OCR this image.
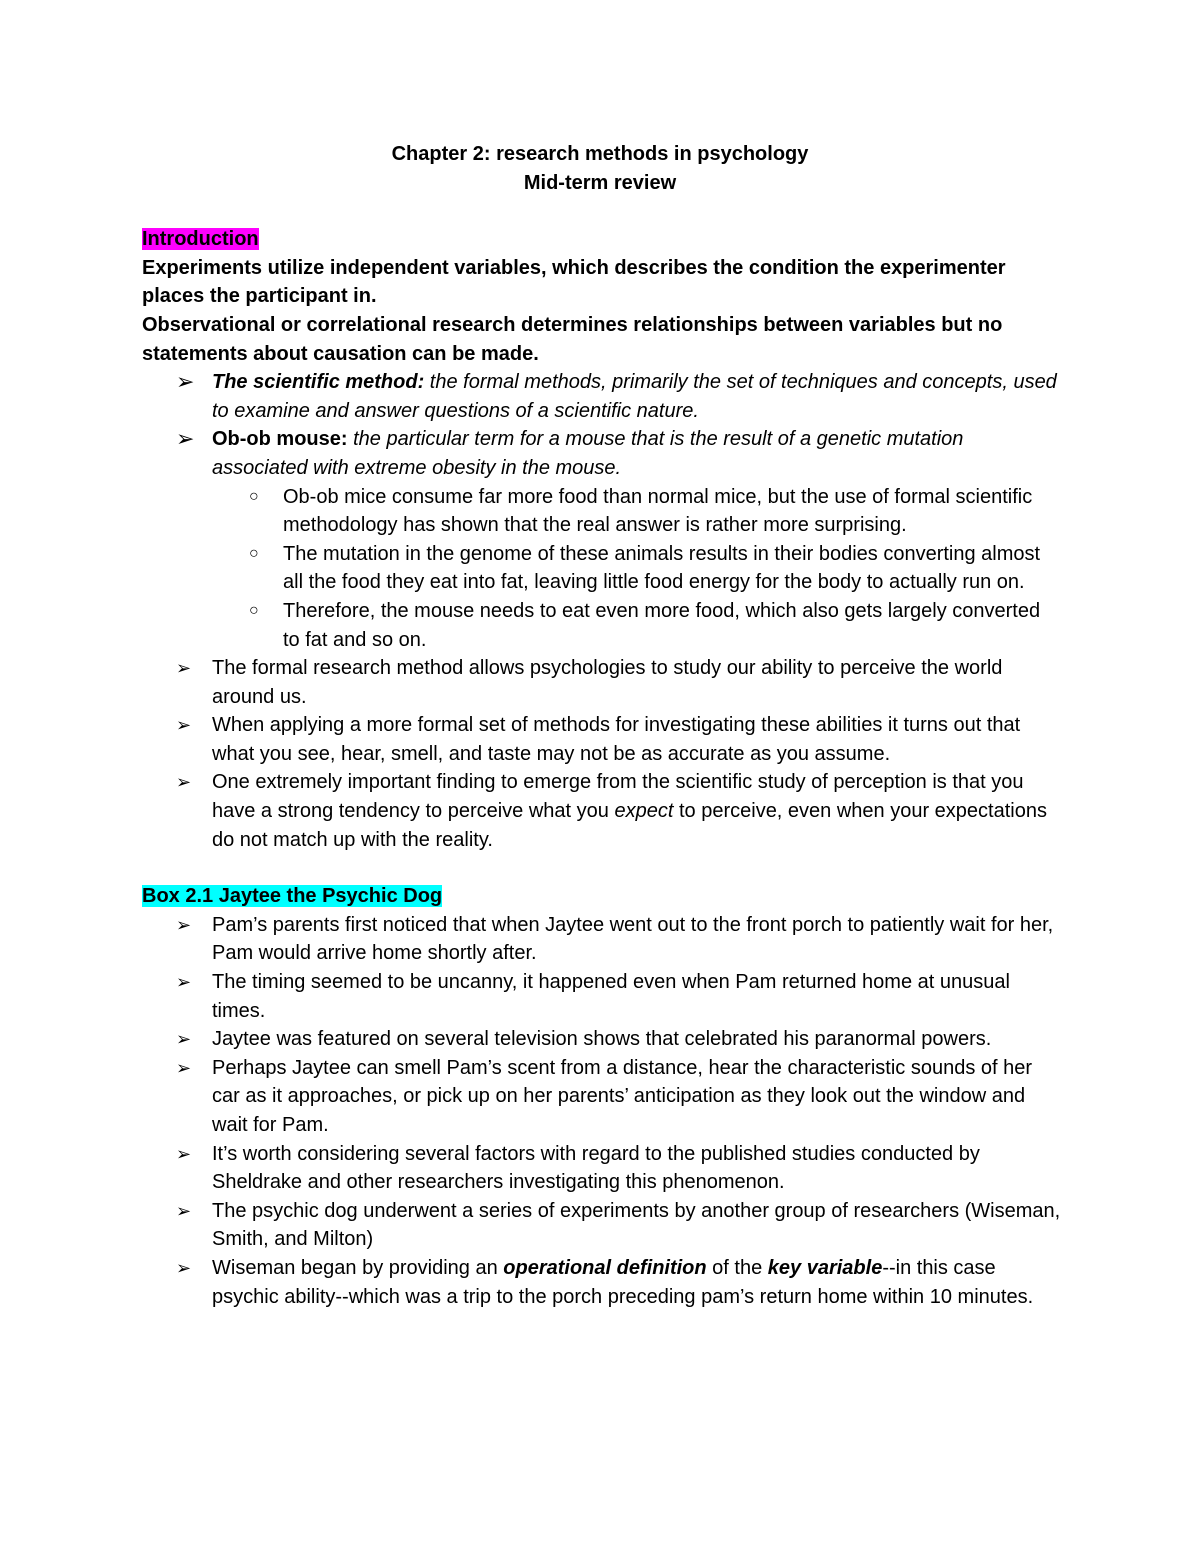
Chapter 2: research methods in psychology
Mid-term review
Introduction
Experiments utilize independent variables, which describes the condition the experimenter places the participant in.
Observational or correlational research determines relationships between variables but no statements about causation can be made.
➢ The scientific method: the formal methods, primarily the set of techniques and concepts, used to examine and answer questions of a scientific nature.
➢ Ob-ob mouse: the particular term for a mouse that is the result of a genetic mutation associated with extreme obesity in the mouse.
○	Ob-ob mice consume far more food than normal mice, but the use of formal scientific methodology has shown that the real answer is rather more surprising.
○	The mutation in the genome of these animals results in their bodies converting almost all the food they eat into fat, leaving little food energy for the body to actually run on.
○	Therefore, the mouse needs to eat even more food, which also gets largely converted to fat and so on.
➢	The formal research method allows psychologies to study our ability to perceive the world around us.
➢	When applying a more formal set of methods for investigating these abilities it turns out that what you see, hear, smell, and taste may not be as accurate as you assume.
➢	One extremely important finding to emerge from the scientific study of perception is that you have a strong tendency to perceive what you expect to perceive, even when your expectations do not match up with the reality.
Box 2.1 Jaytee the Psychic Dog
➢	Pam’s parents first noticed that when Jaytee went out to the front porch to patiently wait for her, Pam would arrive home shortly after.
➢	The timing seemed to be uncanny, it happened even when Pam returned home at unusual times.
➢	Jaytee was featured on several television shows that celebrated his paranormal powers.
➢	Perhaps Jaytee can smell Pam’s scent from a distance, hear the characteristic sounds of her car as it approaches, or pick up on her parents’ anticipation as they look out the window and wait for Pam.
➢	It’s worth considering several factors with regard to the published studies conducted by Sheldrake and other researchers investigating this phenomenon.
➢	The psychic dog underwent a series of experiments by another group of researchers (Wiseman, Smith, and Milton)
➢	Wiseman began by providing an operational definition of the key variable--in this case psychic ability--which was a trip to the porch preceding pam’s return home within 10 minutes.
